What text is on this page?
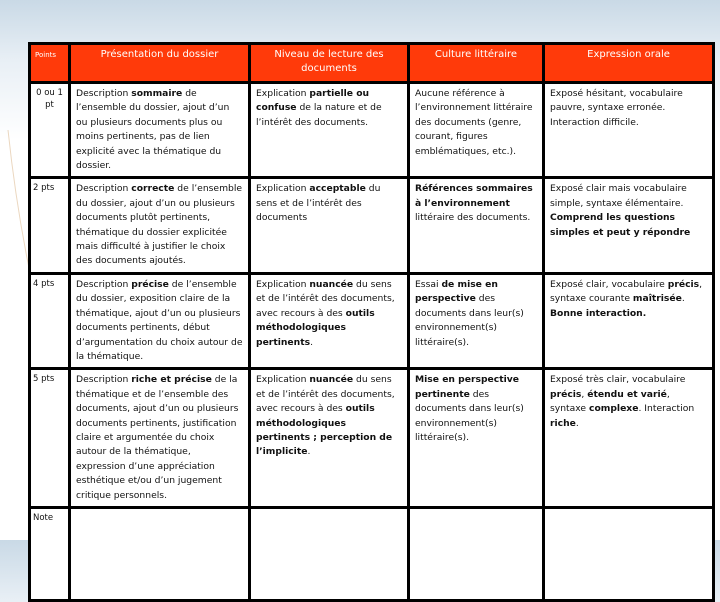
Points	Présentation du dossier	Niveau de lecture des documents	Culture littéraire	Expression orale
0 ou 1 pt	Description sommaire de l’ensemble du dossier, ajout d’un ou plusieurs documents plus ou moins pertinents, pas de lien explicité avec la thématique du dossier.	Explication partielle ou confuse de la nature et de l’intérêt des documents.	Aucune référence à l’environnement littéraire des documents (genre, courant, figures emblématiques, etc.).	Exposé hésitant, vocabulaire pauvre, syntaxe erronée. Interaction difficile.
2 pts	Description correcte de l’ensemble du dossier, ajout d’un ou plusieurs documents plutôt pertinents, thématique du dossier explicitée mais difficulté à justifier le choix des documents ajoutés.	Explication acceptable du sens et de l’intérêt des documents	Références sommaires à l’environnement littéraire des documents.	Exposé clair mais vocabulaire simple, syntaxe élémentaire. Comprend les questions simples et peut y répondre
4 pts	Description précise de l’ensemble du dossier, exposition claire de la thématique, ajout d’un ou plusieurs documents pertinents, début d’argumentation du choix autour de la thématique.	Explication nuancée du sens et de l’intérêt des documents, avec recours à des outils méthodologiques pertinents.	Essai de mise en perspective des documents dans leur(s) environnement(s) littéraire(s).	Exposé clair, vocabulaire précis, syntaxe courante maîtrisée. Bonne interaction.
5 pts	Description riche et précise de la thématique et de l’ensemble des documents, ajout d’un ou plusieurs documents pertinents, justification claire et argumentée du choix autour de la thématique, expression d’une appréciation esthétique et/ou d’un jugement critique personnels.	Explication nuancée du sens et de l’intérêt des documents, avec recours à des outils méthodologiques pertinents ; perception de l’implicite.	Mise en perspective pertinente des documents dans leur(s) environnement(s) littéraire(s).	Exposé très clair, vocabulaire précis, étendu et varié, syntaxe complexe. Interaction riche.
Note				
